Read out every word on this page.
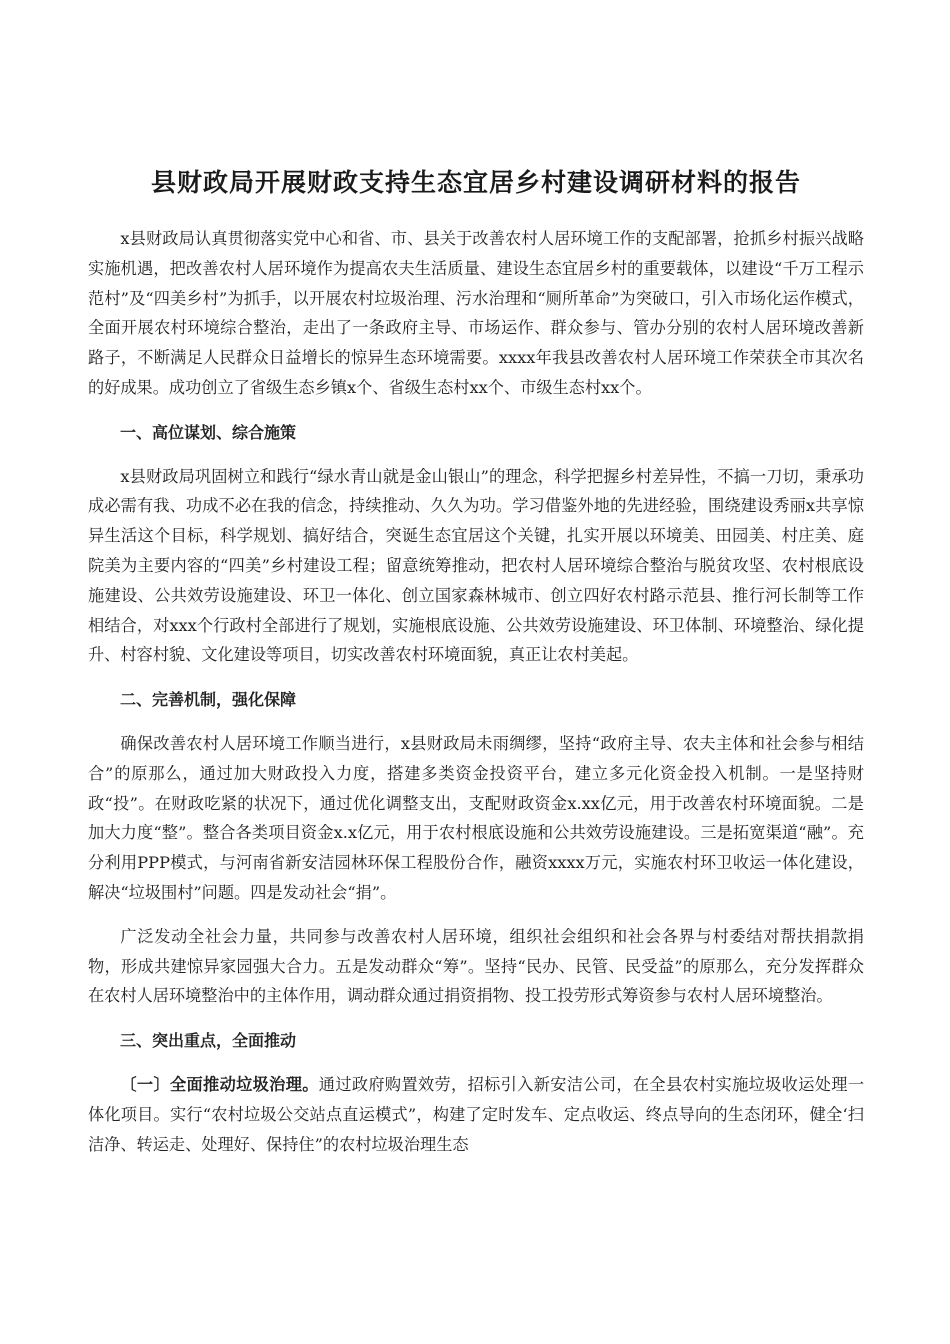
县财政局开展财政支持生态宜居乡村建设调研材料的报告

x县财政局认真贯彻落实党中心和省、市、县关于改善农村人居环境工作的支配部署，抢抓乡村振兴战略实施机遇，把改善农村人居环境作为提高农夫生活质量、建设生态宜居乡村的重要载体，以建设“千万工程示范村”及“四美乡村”为抓手，以开展农村垃圾治理、污水治理和“厕所革命”为突破口，引入市场化运作模式，全面开展农村环境综合整治，走出了一条政府主导、市场运作、群众参与、管办分别的农村人居环境改善新路子，不断满足人民群众日益增长的惊异生态环境需要。xxxx年我县改善农村人居环境工作荣获全市其次名的好成果。成功创立了省级生态乡镇x个、省级生态村xx个、市级生态村xx个。

一、高位谋划、综合施策

x县财政局巩固树立和践行“绿水青山就是金山银山”的理念，科学把握乡村差异性，不搞一刀切，秉承功成必需有我、功成不必在我的信念，持续推动、久久为功。学习借鉴外地的先进经验，围绕建设秀丽x共享惊异生活这个目标，科学规划、搞好结合，突诞生态宜居这个关键，扎实开展以环境美、田园美、村庄美、庭院美为主要内容的“四美”乡村建设工程；留意统筹推动，把农村人居环境综合整治与脱贫攻坚、农村根底设施建设、公共效劳设施建设、环卫一体化、创立国家森林城市、创立四好农村路示范县、推行河长制等工作相结合，对xxx个行政村全部进行了规划，实施根底设施、公共效劳设施建设、环卫体制、环境整治、绿化提升、村容村貌、文化建设等项目，切实改善农村环境面貌，真正让农村美起。

二、完善机制，强化保障

确保改善农村人居环境工作顺当进行，x县财政局未雨绸缪，坚持“政府主导、农夫主体和社会参与相结合”的原那么，通过加大财政投入力度，搭建多类资金投资平台，建立多元化资金投入机制。一是坚持财政“投”。在财政吃紧的状况下，通过优化调整支出，支配财政资金x.xx亿元，用于改善农村环境面貌。二是加大力度“整”。整合各类项目资金x.x亿元，用于农村根底设施和公共效劳设施建设。三是拓宽渠道“融”。充分利用PPP模式，与河南省新安洁园林环保工程股份合作，融资xxxx万元，实施农村环卫收运一体化建设，解决“垃圾围村”问题。四是发动社会“捐”。

广泛发动全社会力量，共同参与改善农村人居环境，组织社会组织和社会各界与村委结对帮扶捐款捐物，形成共建惊异家园强大合力。五是发动群众“筹”。坚持“民办、民管、民受益”的原那么，充分发挥群众在农村人居环境整治中的主体作用，调动群众通过捐资捐物、投工投劳形式筹资参与农村人居环境整治。

三、突出重点，全面推动

〔一〕全面推动垃圾治理。通过政府购置效劳，招标引入新安洁公司，在全县农村实施垃圾收运处理一体化项目。实行“农村垃圾公交站点直运模式”，构建了定时发车、定点收运、终点导向的生态闭环，健全‘扫洁净、转运走、处理好、保持住”的农村垃圾治理生态
